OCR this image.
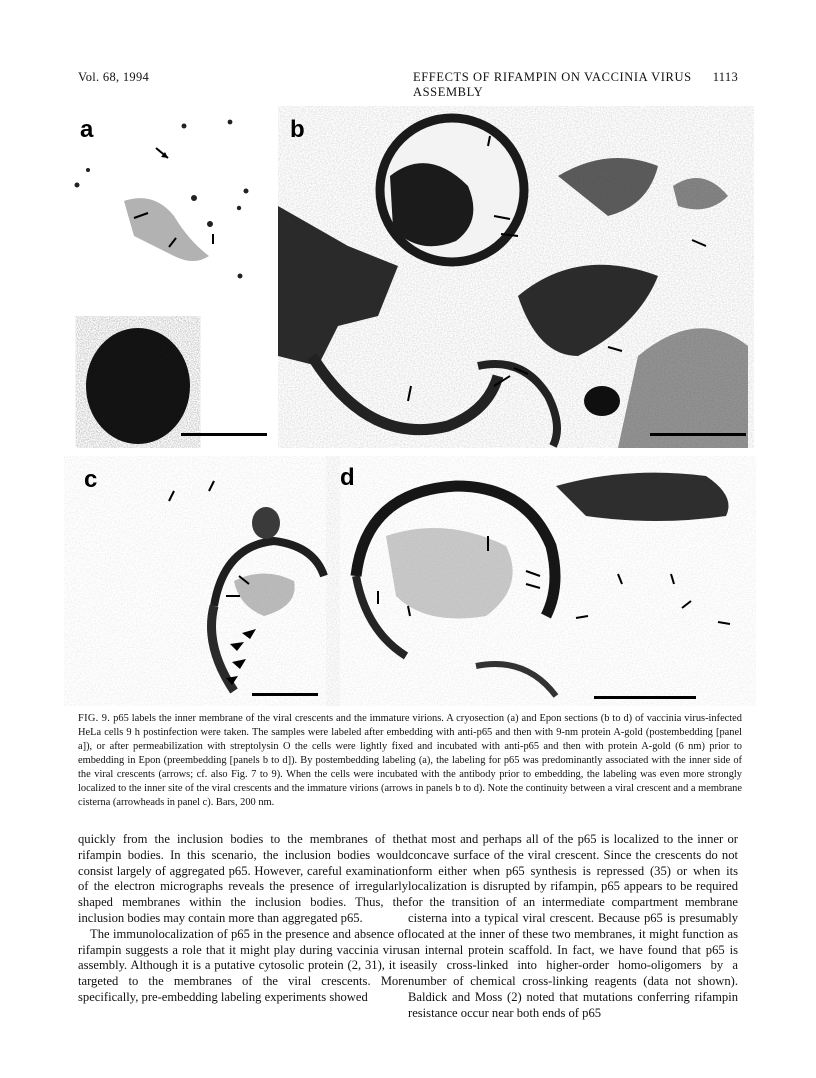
Vol. 68, 1994	EFFECTS OF RIFAMPIN ON VACCINIA VIRUS ASSEMBLY
1113
a	b
c	d
FIG. 9. p65 labels the inner membrane of the viral crescents and the immature virions. A cryosection (a) and Epon sections (b to d) of vaccinia virus-infected HeLa cells 9 h postinfection were taken. The samples were labeled after embedding with anti-p65 and then with 9-nm protein A-gold (postembedding [panel a]), or after permeabilization with streptolysin O the cells were lightly fixed and incubated with anti-p65 and then with protein A-gold (6 nm) prior to embedding in Epon (preembedding [panels b to d]). By postembedding labeling (a), the labeling for p65 was predominantly associated with the inner side of the viral crescents (arrows; cf. also Fig. 7 to 9). When the cells were incubated with the antibody prior to embedding, the labeling was even more strongly localized to the inner site of the viral crescents and the immature virions (arrows in panels b to d). Note the continuity between a viral crescent and a membrane cisterna (arrowheads in panel c). Bars, 200 nm.

quickly from the inclusion bodies to the membranes of the rifampin bodies. In this scenario, the inclusion bodies would consist largely of aggregated p65. However, careful examination of the electron micrographs reveals the presence of irregularly shaped membranes within the inclusion bodies. Thus, the inclusion bodies may contain more than aggregated p65.

The immunolocalization of p65 in the presence and absence of rifampin suggests a role that it might play during vaccinia virus assembly. Although it is a putative cytosolic protein (2, 31), it is targeted to the membranes of the viral crescents. More specifically, pre-embedding labeling experiments showed

that most and perhaps all of the p65 is localized to the inner or concave surface of the viral crescent. Since the crescents do not form either when p65 synthesis is repressed (35) or when its localization is disrupted by rifampin, p65 appears to be required for the transition of an intermediate compartment membrane cisterna into a typical viral crescent. Because p65 is presumably located at the inner of these two membranes, it might function as an internal protein scaffold. In fact, we have found that p65 is easily cross-linked into higher-order homo-oligomers by a number of chemical cross-linking reagents (data not shown). Baldick and Moss (2) noted that mutations conferring rifampin resistance occur near both ends of p65
